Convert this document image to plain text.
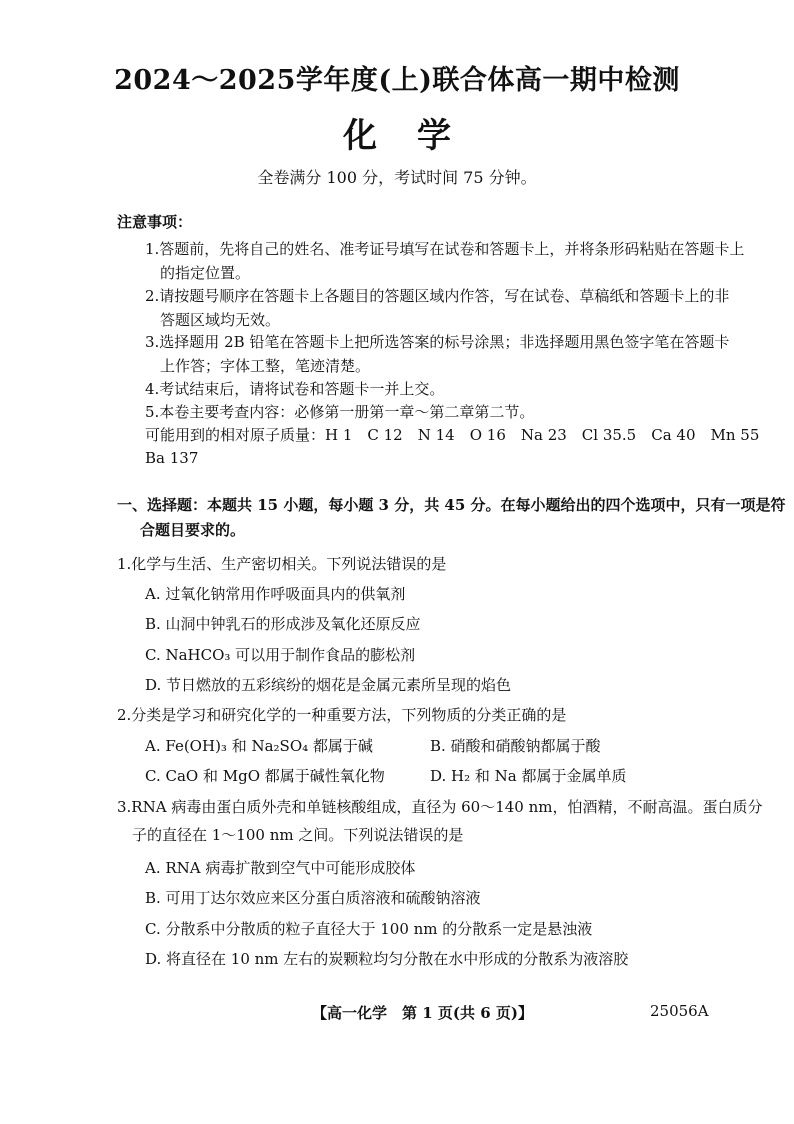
2024～2025学年度(上)联合体高一期中检测
化学
全卷满分 100 分，考试时间 75 分钟。
注意事项：
1.答题前，先将自己的姓名、准考证号填写在试卷和答题卡上，并将条形码粘贴在答题卡上
的指定位置。
2.请按题号顺序在答题卡上各题目的答题区域内作答，写在试卷、草稿纸和答题卡上的非
答题区域均无效。
3.选择题用 2B 铅笔在答题卡上把所选答案的标号涂黑；非选择题用黑色签字笔在答题卡
上作答；字体工整，笔迹清楚。
4.考试结束后，请将试卷和答题卡一并上交。
5.本卷主要考查内容：必修第一册第一章～第二章第二节。
可能用到的相对原子质量：H 1　C 12　N 14　O 16　Na 23　Cl 35.5　Ca 40　Mn 55
Ba 137
一、选择题：本题共 15 小题，每小题 3 分，共 45 分。在每小题给出的四个选项中，只有一项是符
合题目要求的。
1.化学与生活、生产密切相关。下列说法错误的是
A. 过氧化钠常用作呼吸面具内的供氧剂
B. 山洞中钟乳石的形成涉及氧化还原反应
C. NaHCO₃ 可以用于制作食品的膨松剂
D. 节日燃放的五彩缤纷的烟花是金属元素所呈现的焰色
2.分类是学习和研究化学的一种重要方法，下列物质的分类正确的是
A. Fe(OH)₃ 和 Na₂SO₄ 都属于碱	B. 硝酸和硝酸钠都属于酸
C. CaO 和 MgO 都属于碱性氧化物	D. H₂ 和 Na 都属于金属单质
3.RNA 病毒由蛋白质外壳和单链核酸组成，直径为 60～140 nm，怕酒精，不耐高温。蛋白质分
子的直径在 1～100 nm 之间。下列说法错误的是
A. RNA 病毒扩散到空气中可能形成胶体
B. 可用丁达尔效应来区分蛋白质溶液和硫酸钠溶液
C. 分散系中分散质的粒子直径大于 100 nm 的分散系一定是悬浊液
D. 将直径在 10 nm 左右的炭颗粒均匀分散在水中形成的分散系为液溶胶
【高一化学　第 1 页(共 6 页)】	25056A
